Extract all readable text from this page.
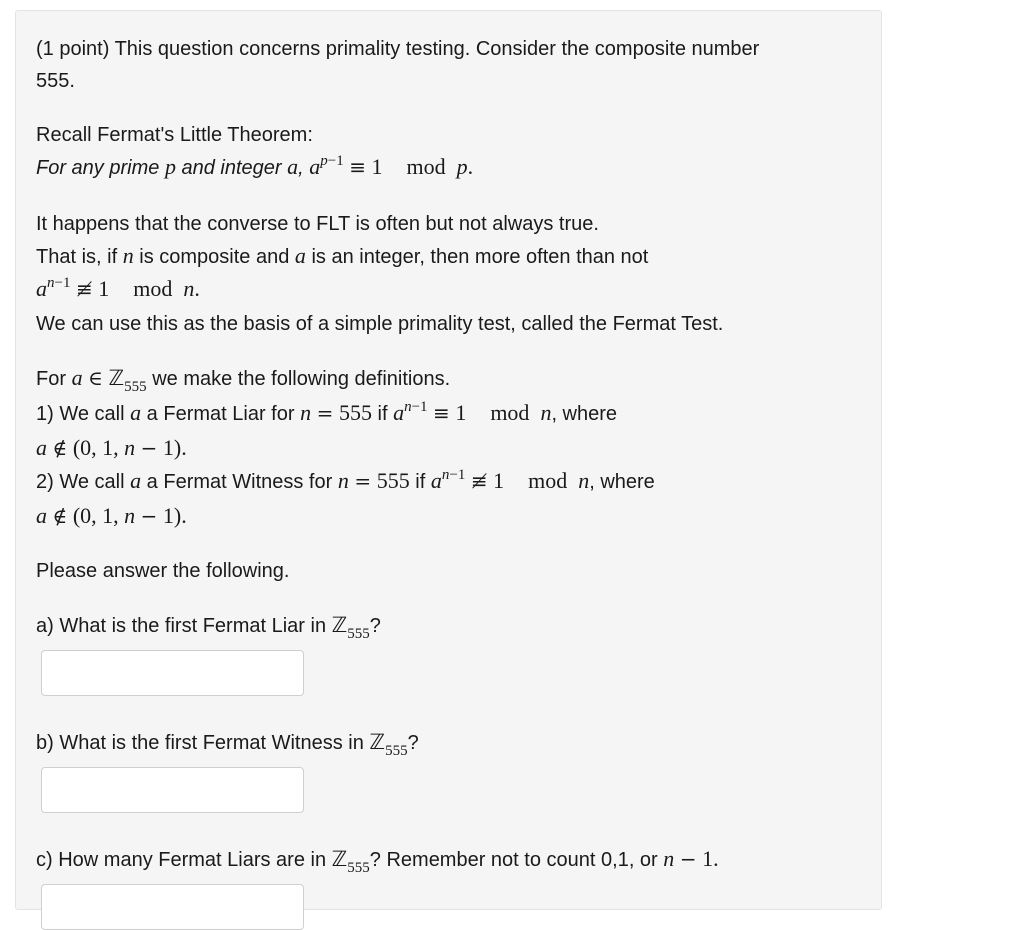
(1 point) This question concerns primality testing. Consider the composite number
555.

Recall Fermat's Little Theorem:
For any prime p and integer a, $a^{p-1} \equiv 1$ mod p.

It happens that the converse to FLT is often but not always true.
That is, if n is composite and a is an integer, then more often than not
$a^{n-1}$ ≢ 1 mod n.
We can use this as the basis of a simple primality test, called the Fermat Test.

For a ∈ ℤ$_{555}$ we make the following definitions.
1) We call a a Fermat Liar for n = 555 if $a^{n-1} \equiv 1$ mod n, where
a ∉ (0, 1, n − 1).
2) We call a a Fermat Witness for n = 555 if $a^{n-1}$ ≢ 1 mod n, where
a ∉ (0, 1, n − 1).

Please answer the following.

a) What is the first Fermat Liar in ℤ$_{555}$?

b) What is the first Fermat Witness in ℤ$_{555}$?

c) How many Fermat Liars are in ℤ$_{555}$? Remember not to count 0,1, or n − 1.
